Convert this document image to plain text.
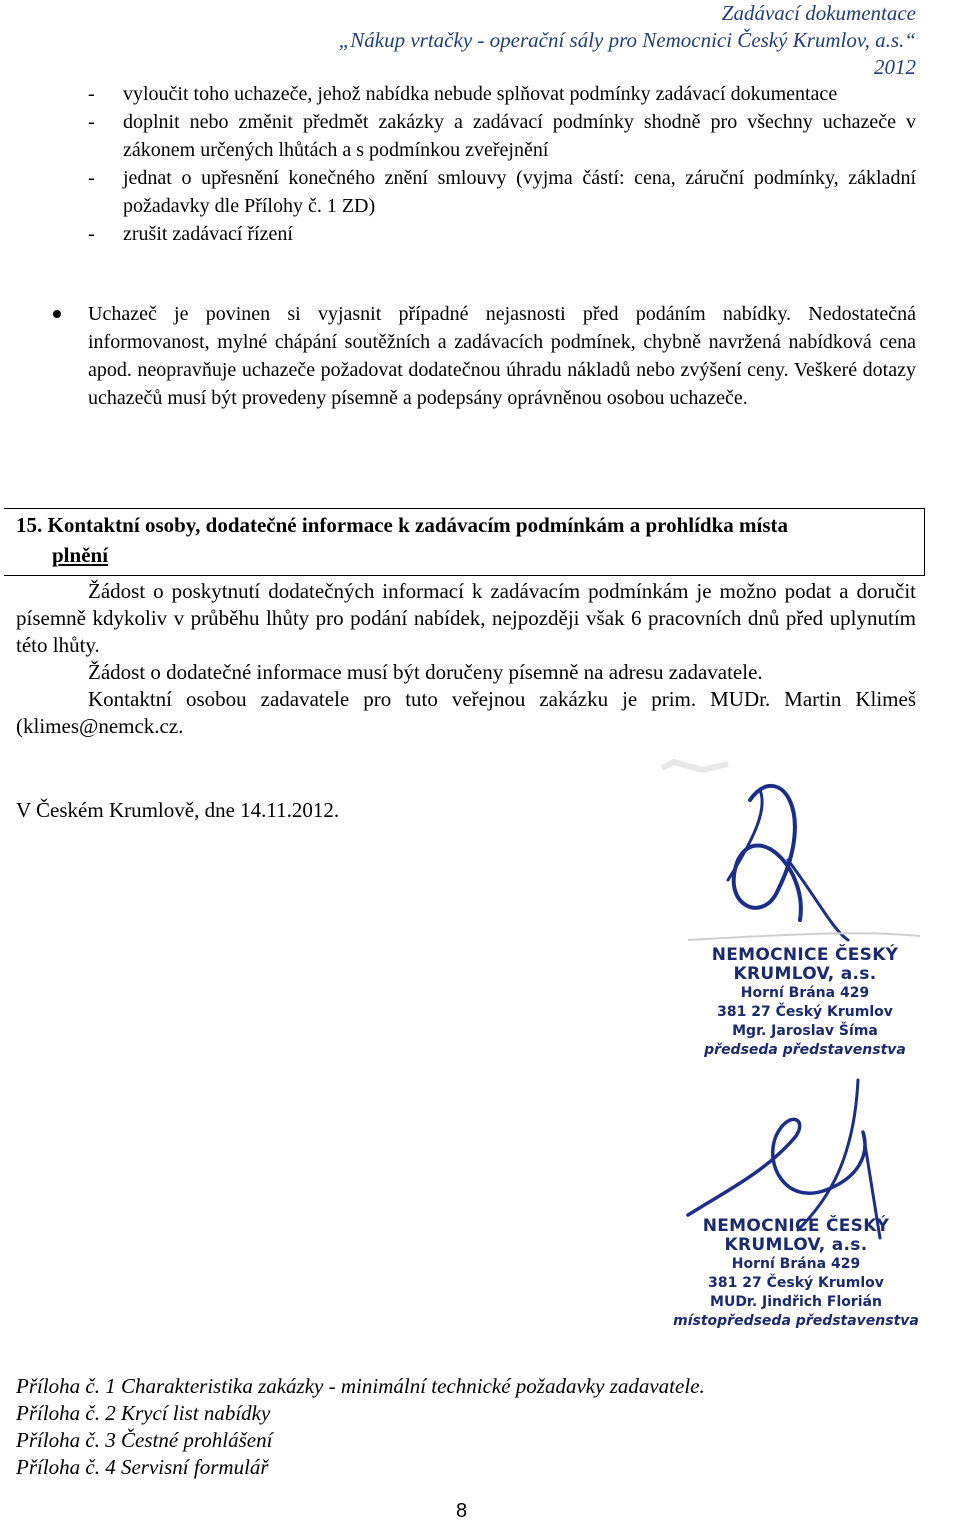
Zadávací dokumentace
„Nákup vrtačky - operační sály pro Nemocnici Český Krumlov, a.s.“
2012
- vyloučit toho uchazeče, jehož nabídka nebude splňovat podmínky zadávací dokumentace
- doplnit nebo změnit předmět zakázky a zadávací podmínky shodně pro všechny uchazeče v zákonem určených lhůtách a s podmínkou zveřejnění
- jednat o upřesnění konečného znění smlouvy (vyjma částí: cena, záruční podmínky, základní požadavky dle Přílohy č. 1 ZD)
- zrušit zadávací řízení
Uchazeč je povinen si vyjasnit případné nejasnosti před podáním nabídky. Nedostatečná informovanost, mylné chápání soutěžních a zadávacích podmínek, chybně navržená nabídková cena apod. neopravňuje uchazeče požadovat dodatečnou úhradu nákladů nebo zvýšení ceny. Veškeré dotazy uchazečů musí být provedeny písemně a podepsány oprávněnou osobou uchazeče.
15. Kontaktní osoby, dodatečné informace k zadávacím podmínkám a prohlídka místa
plnění

Žádost o poskytnutí dodatečných informací k zadávacím podmínkám je možno podat a doručit písemně kdykoliv v průběhu lhůty pro podání nabídek, nejpozději však 6 pracovních dnů před uplynutím této lhůty.

Žádost o dodatečné informace musí být doručeny písemně na adresu zadavatele.

Kontaktní osobou zadavatele pro tuto veřejnou zakázku je prim. MUDr. Martin Klimeš (klimes@nemck.cz.

V Českém Krumlově, dne 14.11.2012.
NEMOCNICE ČESKÝ KRUMLOV, a.s.
Horní Brána 429
381 27 Český Krumlov
Mgr. Jaroslav Šíma
předseda představenstva
NEMOCNICE ČESKÝ KRUMLOV, a.s.
Horní Brána 429
381 27 Český Krumlov
MUDr. Jindřich Florián
místopředseda představenstva
Příloha č. 1 Charakteristika zakázky - minimální technické požadavky zadavatele.
Příloha č. 2 Krycí list nabídky
Příloha č. 3 Čestné prohlášení
Příloha č. 4 Servisní formulář
8
